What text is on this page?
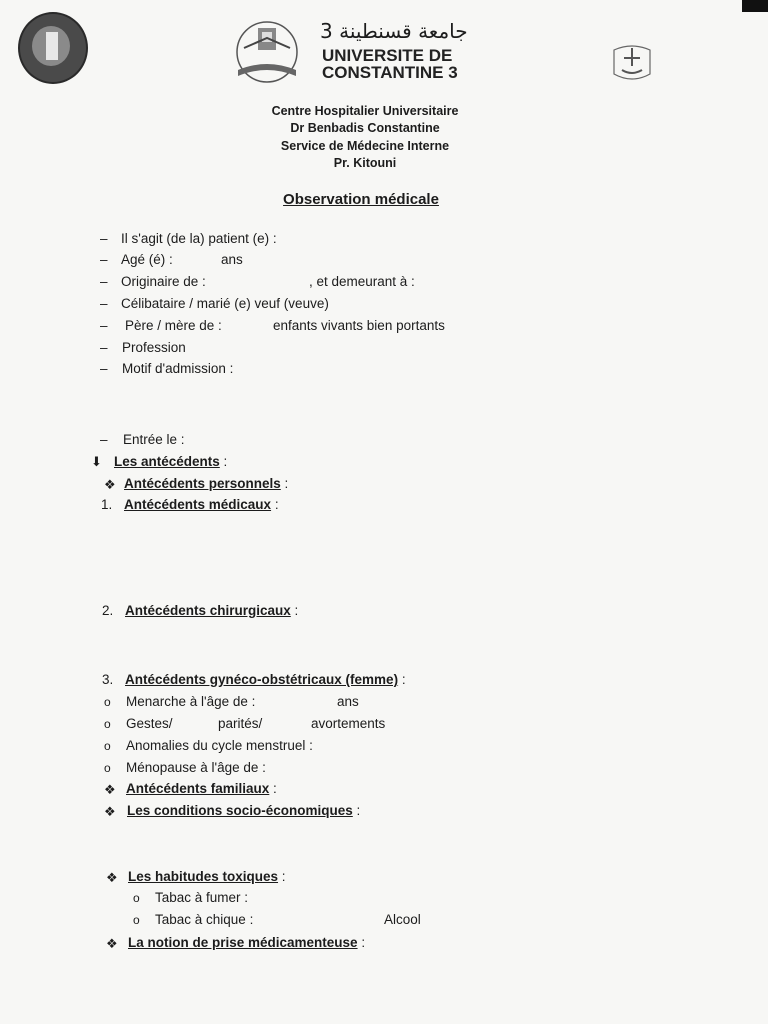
جامعة قسنطينة 3
UNIVERSITE DE
CONSTANTINE 3
Centre Hospitalier Universitaire
Dr Benbadis Constantine
Service de Médecine Interne
Pr. Kitouni
Observation médicale
– Il s'agit (de la) patient (e) :
– Agé (é) :	ans
– Originaire de :	, et demeurant à :
– Célibataire / marié (e) veuf (veuve)
– Père / mère de :	enfants vivants bien portants
– Profession
– Motif d'admission :
– Entrée le :
⬇ Les antécédents :
❖ Antécédents personnels :
1. Antécédents médicaux :
2. Antécédents chirurgicaux :
3. Antécédents gynéco-obstétricaux (femme) :
o Menarche à l'âge de :	ans
o Gestes/	parités/	avortements
o Anomalies du cycle menstruel :
o Ménopause à l'âge de :
❖ Antécédents familiaux :
❖ Les conditions socio-économiques :
❖ Les habitudes toxiques :
o Tabac à fumer :
o Tabac à chique :	Alcool
❖ La notion de prise médicamenteuse :
